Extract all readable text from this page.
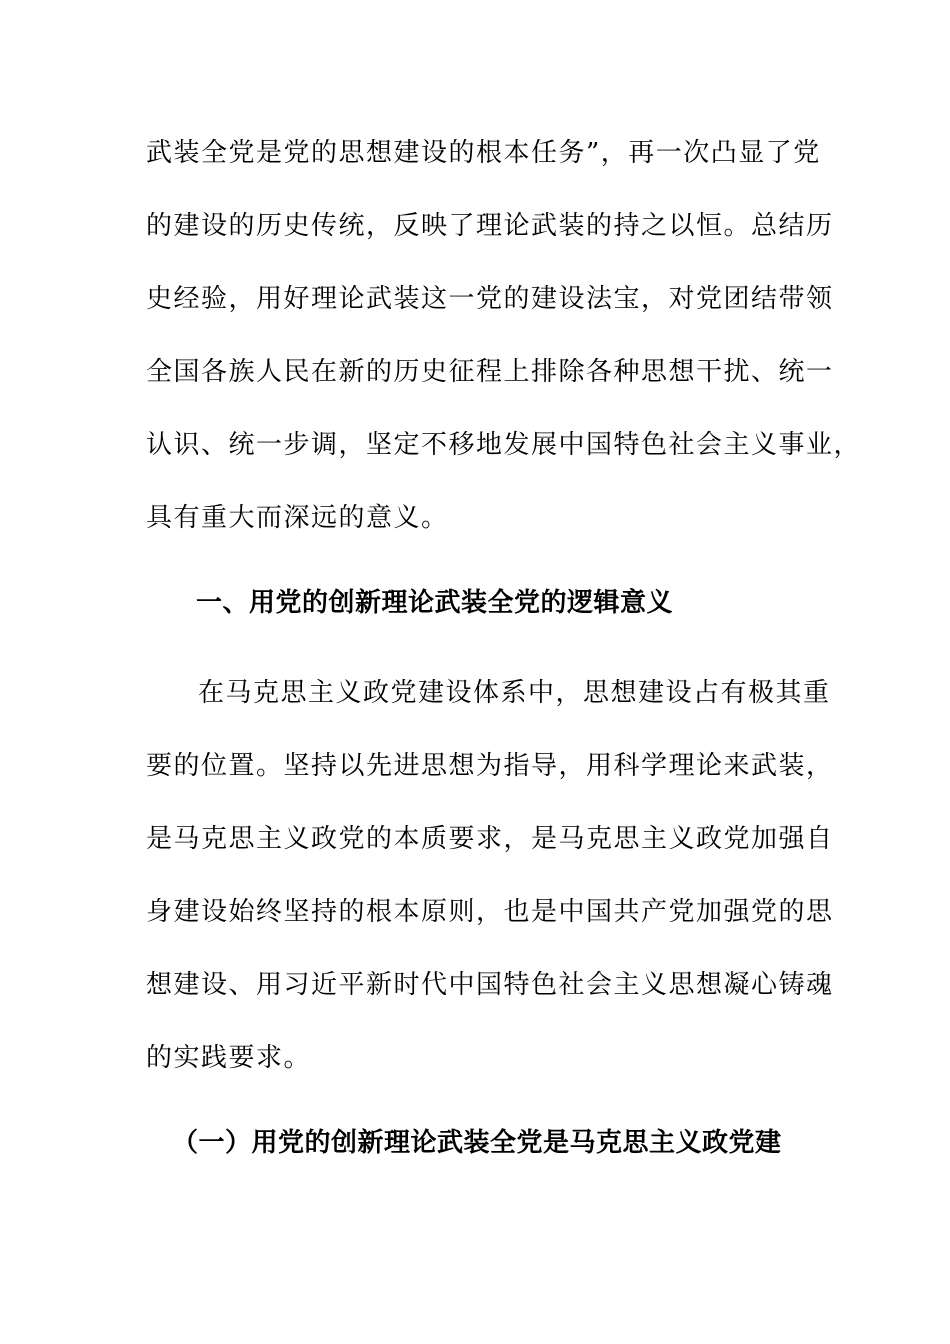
武装全党是党的思想建设的根本任务”，再一次凸显了党
的建设的历史传统，反映了理论武装的持之以恒。总结历
史经验，用好理论武装这一党的建设法宝，对党团结带领
全国各族人民在新的历史征程上排除各种思想干扰、统一
认识、统一步调，坚定不移地发展中国特色社会主义事业，
具有重大而深远的意义。
一、用党的创新理论武装全党的逻辑意义
在马克思主义政党建设体系中，思想建设占有极其重
要的位置。坚持以先进思想为指导，用科学理论来武装，
是马克思主义政党的本质要求，是马克思主义政党加强自
身建设始终坚持的根本原则，也是中国共产党加强党的思
想建设、用习近平新时代中国特色社会主义思想凝心铸魂
的实践要求。
（一）用党的创新理论武装全党是马克思主义政党建
